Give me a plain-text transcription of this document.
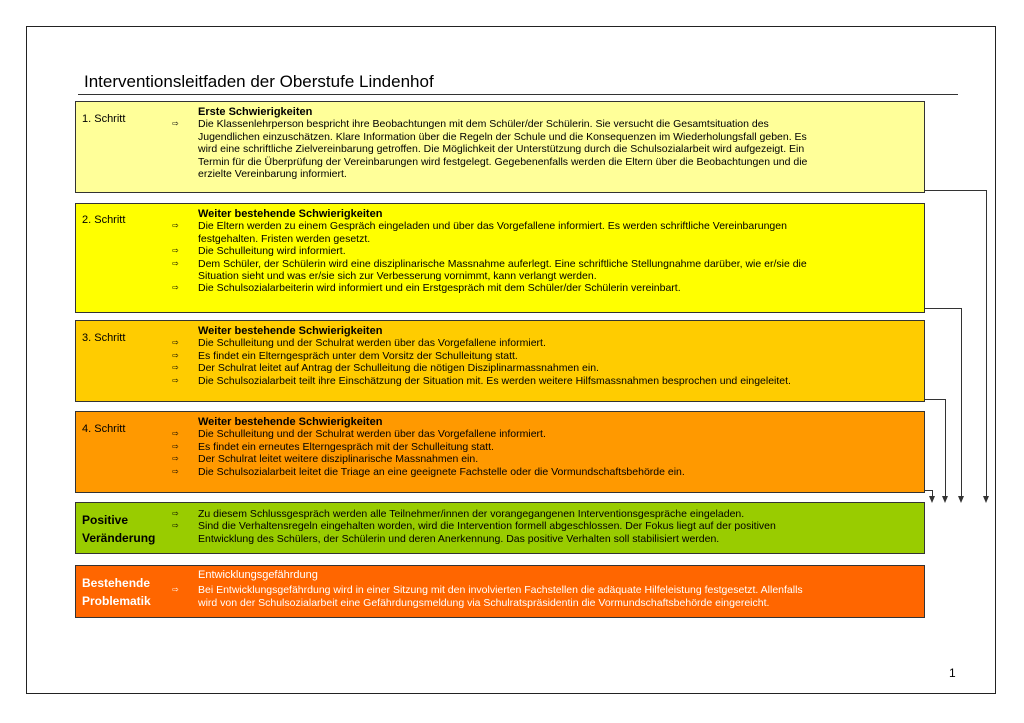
Interventionsleitfaden der Oberstufe Lindenhof
1. Schritt
Erste Schwierigkeiten
⇨ Die Klassenlehrperson bespricht ihre Beobachtungen mit dem Schüler/der Schülerin. Sie versucht die Gesamtsituation des
Jugendlichen einzuschätzen. Klare Information über die Regeln der Schule und die Konsequenzen im Wiederholungsfall geben. Es
wird eine schriftliche Zielvereinbarung getroffen. Die Möglichkeit der Unterstützung durch die Schulsozialarbeit wird aufgezeigt. Ein
Termin für die Überprüfung der Vereinbarungen wird festgelegt. Gegebenenfalls werden die Eltern über die Beobachtungen und die
erzielte Vereinbarung informiert.
2. Schritt	Weiter bestehende Schwierigkeiten
⇨ Die Eltern werden zu einem Gespräch eingeladen und über das Vorgefallene informiert. Es werden schriftliche Vereinbarungen
festgehalten. Fristen werden gesetzt.
⇨ Die Schulleitung wird informiert.
⇨ Dem Schüler, der Schülerin wird eine disziplinarische Massnahme auferlegt. Eine schriftliche Stellungnahme darüber, wie er/sie die
Situation sieht und was er/sie sich zur Verbesserung vornimmt, kann verlangt werden.
⇨ Die Schulsozialarbeiterin wird informiert und ein Erstgespräch mit dem Schüler/der Schülerin vereinbart.
3. Schritt
Weiter bestehende Schwierigkeiten
⇨ Die Schulleitung und der Schulrat werden über das Vorgefallene informiert.
⇨ Es findet ein Elterngespräch unter dem Vorsitz der Schulleitung statt.
⇨ Der Schulrat leitet auf Antrag der Schulleitung die nötigen Disziplinarmassnahmen ein.
⇨ Die Schulsozialarbeit teilt ihre Einschätzung der Situation mit. Es werden weitere Hilfsmassnahmen besprochen und eingeleitet.
4. Schritt
Weiter bestehende Schwierigkeiten
⇨ Die Schulleitung und der Schulrat werden über das Vorgefallene informiert.
⇨ Es findet ein erneutes Elterngespräch mit der Schulleitung statt.
⇨ Der Schulrat leitet weitere disziplinarische Massnahmen ein.
⇨ Die Schulsozialarbeit leitet die Triage an eine geeignete Fachstelle oder die Vormundschaftsbehörde ein.
Positive
Veränderung
⇨ Zu diesem Schlussgespräch werden alle Teilnehmer/innen der vorangegangenen Interventionsgespräche eingeladen.
⇨ Sind die Verhaltensregeln eingehalten worden, wird die Intervention formell abgeschlossen. Der Fokus liegt auf der positiven
Entwicklung des Schülers, der Schülerin und deren Anerkennung. Das positive Verhalten soll stabilisiert werden.
Bestehende
Problematik
Entwicklungsgefährdung
⇨ Bei Entwicklungsgefährdung wird in einer Sitzung mit den involvierten Fachstellen die adäquate Hilfeleistung festgesetzt. Allenfalls
wird von der Schulsozialarbeit eine Gefährdungsmeldung via Schulratspräsidentin die Vormundschaftsbehörde eingereicht.
1
